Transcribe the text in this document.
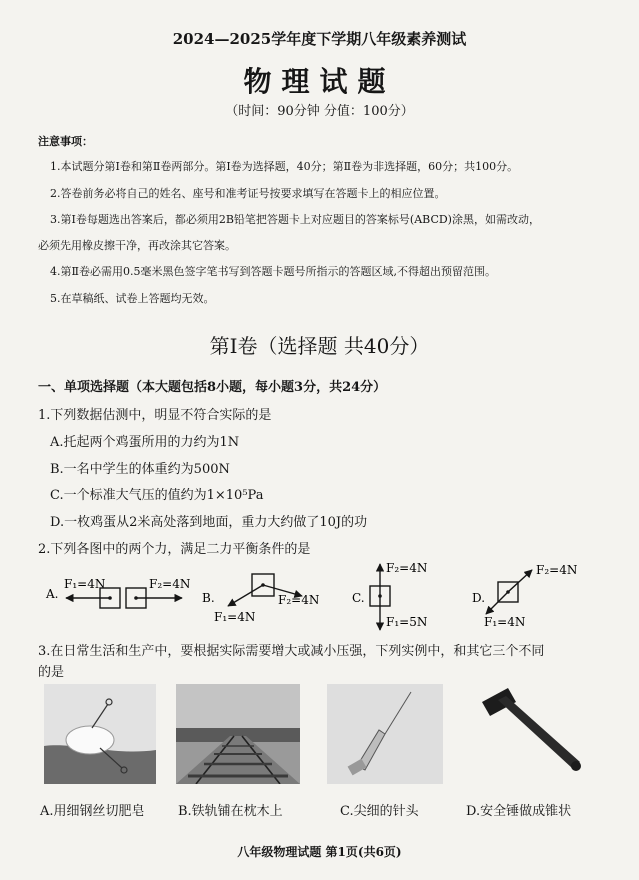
2024—2025学年度下学期八年级素养测试
物理试题
（时间：90分钟 分值：100分）
注意事项：
1.本试题分第Ⅰ卷和第Ⅱ卷两部分。第Ⅰ卷为选择题，40分；第Ⅱ卷为非选择题，60分；共100分。
2.答卷前务必将自己的姓名、座号和准考证号按要求填写在答题卡上的相应位置。
3.第Ⅰ卷每题选出答案后，都必须用2B铅笔把答题卡上对应题目的答案标号(ABCD)涂黑，如需改动，
必须先用橡皮擦干净，再改涂其它答案。
4.第Ⅱ卷必需用0.5毫米黑色签字笔书写到答题卡题号所指示的答题区域,不得超出预留范围。
5.在草稿纸、试卷上答题均无效。
第Ⅰ卷（选择题 共40分）
一、单项选择题（本大题包括8小题，每小题3分，共24分）
1.下列数据估测中，明显不符合实际的是
A.托起两个鸡蛋所用的力约为1N
B.一名中学生的体重约为500N
C.一个标准大气压的值约为1×10⁵Pa
D.一枚鸡蛋从2米高处落到地面，重力大约做了10J的功
2.下列各图中的两个力，满足二力平衡条件的是
A.
F₁=4N	F₂=4N
B.
F₁=4N
F₂=4N	C.
F₂=4N
F₁=5N
D.
F₂=4N
F₁=4N
3.在日常生活和生产中，要根据实际需要增大或减小压强，下列实例中，和其它三个不同
的是
A.用细钢丝切肥皂	B.铁轨铺在枕木上	C.尖细的针头	D.安全锤做成锥状
八年级物理试题 第1页(共6页)
